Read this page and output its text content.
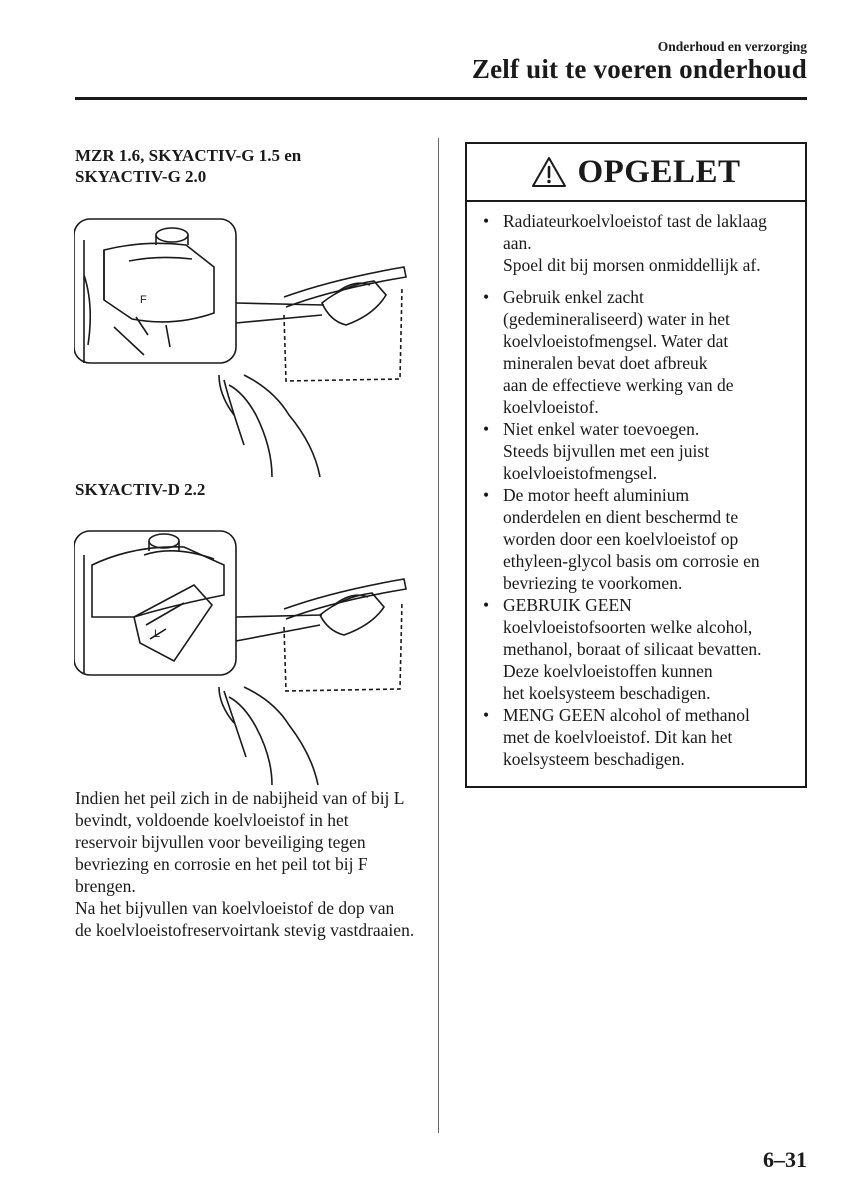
Onderhoud en verzorging
Zelf uit te voeren onderhoud
MZR 1.6, SKYACTIV-G 1.5 en
SKYACTIV-G 2.0
F
SKYACTIV-D 2.2
L

Indien het peil zich in de nabijheid van of bij L bevindt, voldoende koelvloeistof in het reservoir bijvullen voor beveiliging tegen bevriezing en corrosie en het peil tot bij F brengen.

Na het bijvullen van koelvloeistof de dop van de koelvloeistofreservoirtank stevig vastdraaien.

OPGELET
• Radiateurkoelvloeistof tast de laklaag
aan.
Spoel dit bij morsen onmiddellijk af.
• Gebruik enkel zacht
(gedemineraliseerd) water in het
koelvloeistofmengsel. Water dat
mineralen bevat doet afbreuk
aan de effectieve werking van de
koelvloeistof.
• Niet enkel water toevoegen.
Steeds bijvullen met een juist
koelvloeistofmengsel.
• De motor heeft aluminium
onderdelen en dient beschermd te
worden door een koelvloeistof op
ethyleen-glycol basis om corrosie en
bevriezing te voorkomen.
• GEBRUIK GEEN
koelvloeistofsoorten welke alcohol,
methanol, boraat of silicaat bevatten.
Deze koelvloeistoffen kunnen
het koelsysteem beschadigen.
• MENG GEEN alcohol of methanol
met de koelvloeistof. Dit kan het
koelsysteem beschadigen.
6–31
